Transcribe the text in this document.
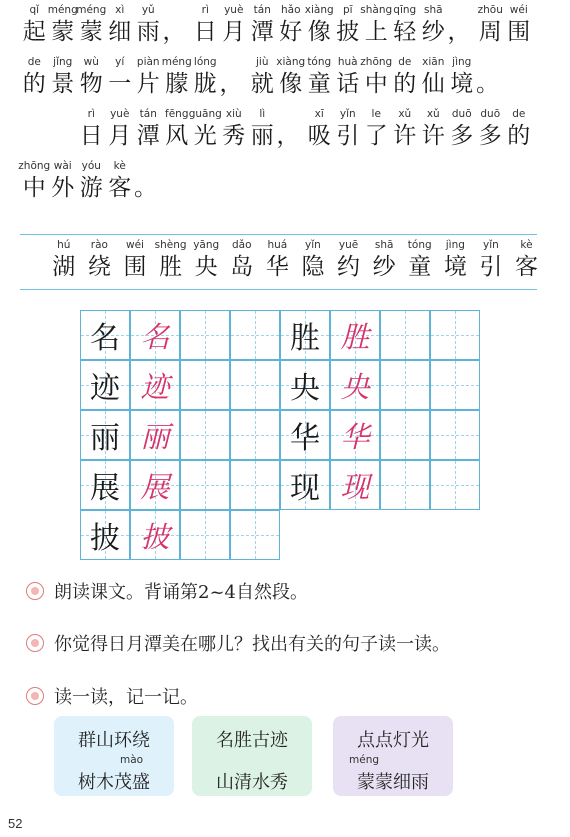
qǐ
起
méng
蒙
méng
蒙
xì
细
yǔ
雨 ，
rì
日
yuè
月
tán
潭
hǎo
好
xiàng
像
pī
披
shàng
上
qīng
轻
shā
纱 ，
zhōu
周
wéi
围
de
的
jǐng
景
wù
物
yí
一
piàn
片
méng
朦
lóng
胧 ，
jiù
就
xiàng
像
tóng
童
huà
话
zhōng
中
de
的
xiān
仙
jìng
境 。
rì
日
yuè
月
tán
潭
fēng
风
guāng
光
xiù
秀
lì
丽 ，
xī
吸
yǐn
引
le
了
xǔ
许
xǔ
许
duō
多
duō
多
de
的
zhōng
中
wài
外
yóu
游
kè
客 。
hú
湖
rào
绕
wéi
围
shèng
胜
yāng
央
dǎo
岛
huá
华
yǐn
隐
yuē
约
shā
纱
tóng
童
jìng
境
yǐn
引
kè
客
名 名
迹 迹
丽 丽
展 展
披 披
胜 胜
央 央
华 华
现 现
朗读课文。背诵第2~4自然段。
你觉得日月潭美在哪儿？找出有关的句子读一读。
读一读，记一记。
群山环绕
mào
树木茂盛
名胜古迹
山清水秀
点点灯光
méng
蒙蒙细雨
52
